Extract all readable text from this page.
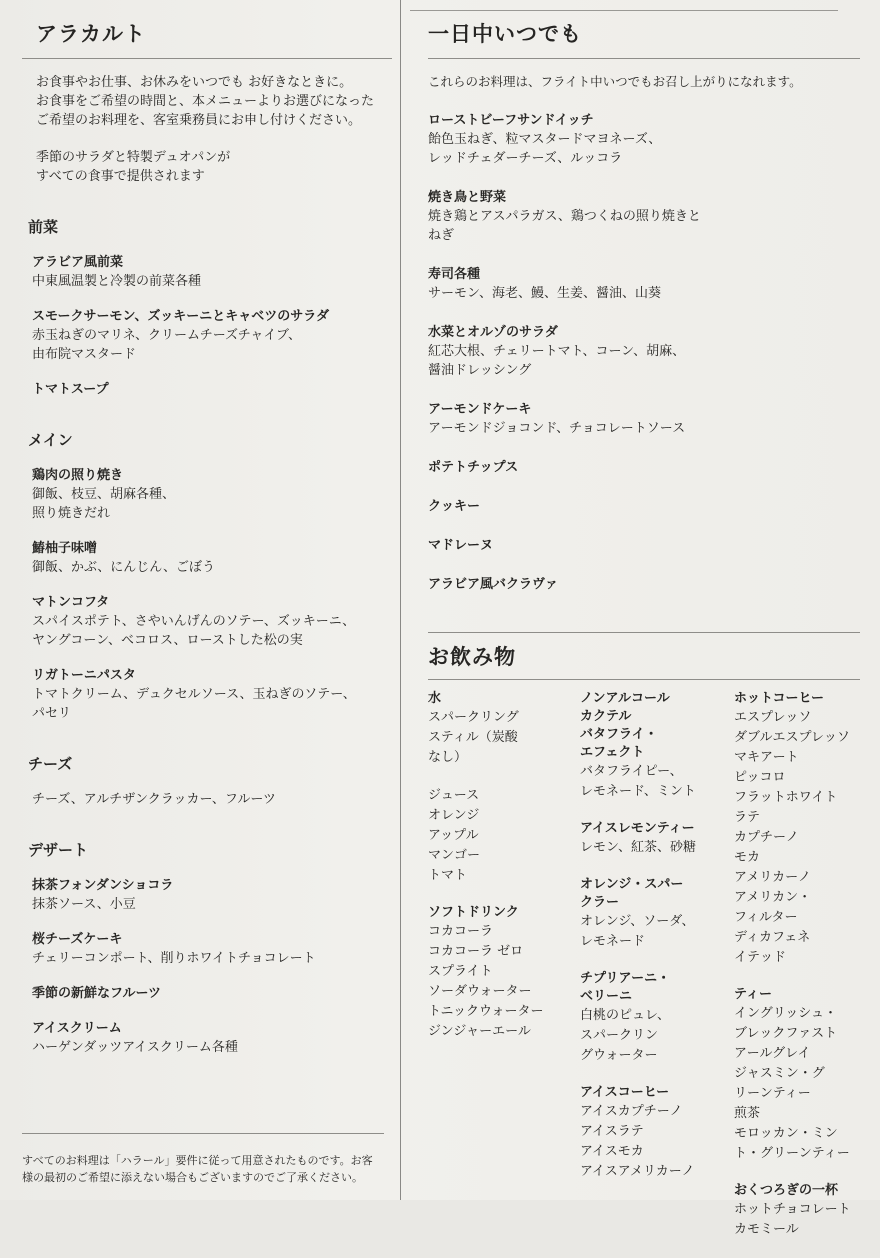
アラカルト
お食事やお仕事、お休みをいつでも お好きなときに。
お食事をご希望の時間と、本メニューよりお選びになった
ご希望のお料理を、客室乗務員にお申し付けください。
季節のサラダと特製デュオパンが
すべての食事で提供されます
前菜
アラビア風前菜
中東風温製と冷製の前菜各種
スモークサーモン、ズッキーニとキャベツのサラダ
赤玉ねぎのマリネ、クリームチーズチャイブ、
由布院マスタード
トマトスープ
メイン
鶏肉の照り焼き
御飯、枝豆、胡麻各種、
照り焼きだれ
鰆柚子味噌
御飯、かぶ、にんじん、ごぼう
マトンコフタ
スパイスポテト、さやいんげんのソテー、ズッキーニ、
ヤングコーン、ベコロス、ローストした松の実
リガトーニパスタ
トマトクリーム、デュクセルソース、玉ねぎのソテー、
パセリ
チーズ
チーズ、アルチザンクラッカー、フルーツ
デザート
抹茶フォンダンショコラ
抹茶ソース、小豆
桜チーズケーキ
チェリーコンポート、削りホワイトチョコレート
季節の新鮮なフルーツ
アイスクリーム
ハーゲンダッツアイスクリーム各種
一日中いつでも
これらのお料理は、フライト中いつでもお召し上がりになれます。
ローストビーフサンドイッチ
飴色玉ねぎ、粒マスタードマヨネーズ、
レッドチェダーチーズ、ルッコラ
焼き鳥と野菜
焼き鶏とアスパラガス、鶏つくねの照り焼きと
ねぎ
寿司各種
サーモン、海老、鰻、生姜、醤油、山葵
水菜とオルゾのサラダ
紅芯大根、チェリートマト、コーン、胡麻、
醤油ドレッシング
アーモンドケーキ
アーモンドジョコンド、チョコレートソース
ポテトチップス
クッキー
マドレーヌ
アラビア風バクラヴァ
お飲み物
水
スパークリング
スティル（炭酸
なし）
ジュース
オレンジ
アップル
マンゴー
トマト
ソフトドリンク
コカコーラ
コカコーラ ゼロ
スプライト
ソーダウォーター
トニックウォーター
ジンジャーエール
ノンアルコール
カクテル
バタフライ・
エフェクト
バタフライピー、
レモネード、ミント
アイスレモンティー
レモン、紅茶、砂糖
オレンジ・スパー
クラー
オレンジ、ソーダ、
レモネード
チプリアーニ・
ベリーニ
白桃のピュレ、
スパークリン
グウォーター
アイスコーヒー
アイスカプチーノ
アイスラテ
アイスモカ
アイスアメリカーノ
ホットコーヒー
エスプレッソ
ダブルエスプレッソ
マキアート
ピッコロ
フラットホワイト
ラテ
カプチーノ
モカ
アメリカーノ
アメリカン・
フィルター
ディカフェネ
イテッド
ティー
イングリッシュ・
ブレックファスト
アールグレイ
ジャスミン・グ
リーンティー
煎茶
モロッカン・ミン
ト・グリーンティー
おくつろぎの一杯
ホットチョコレート
カモミール
すべてのお料理は「ハラール」要件に従って用意されたものです。お客
様の最初のご希望に添えない場合もございますのでご了承ください。
